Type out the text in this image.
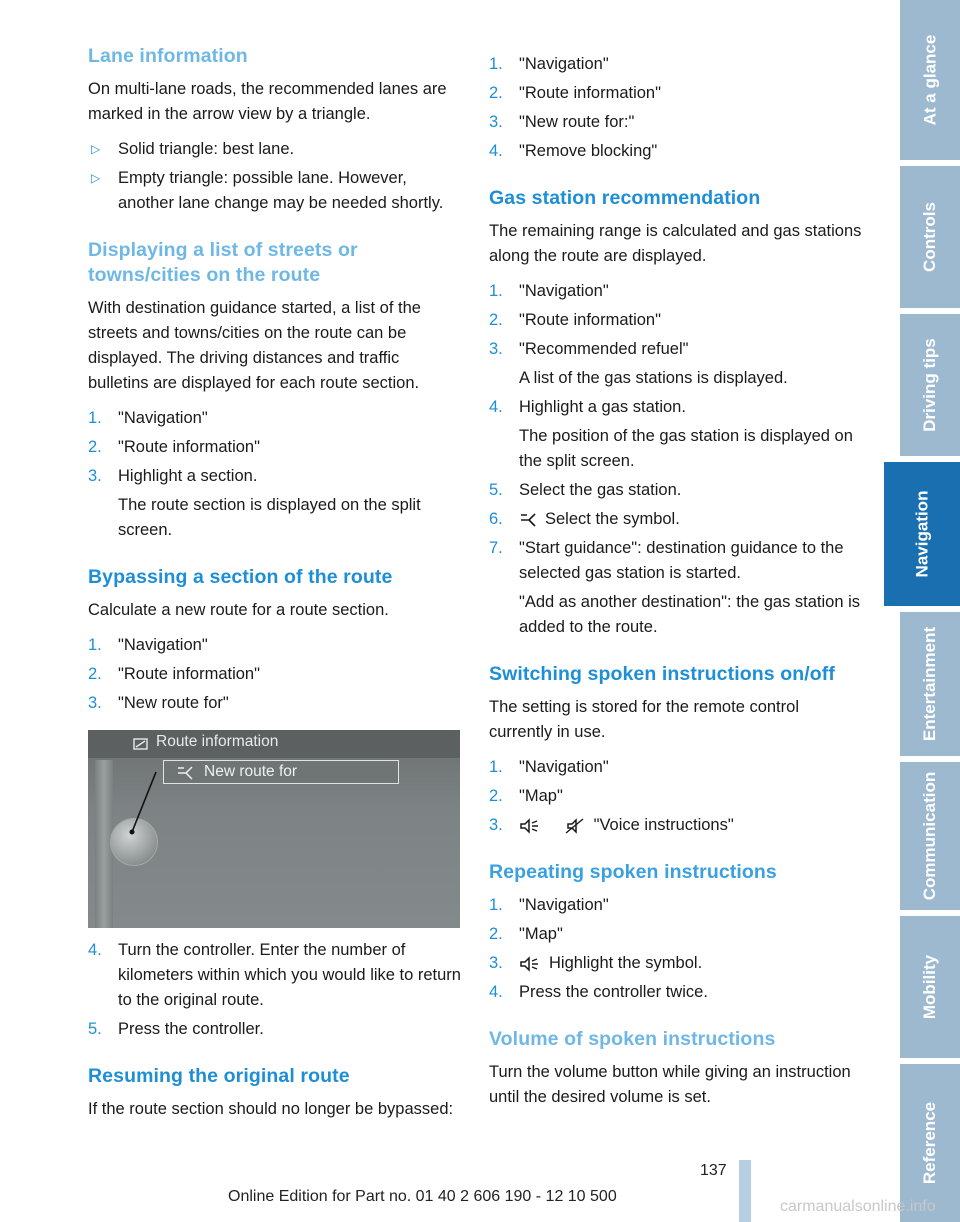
Lane information

On multi-lane roads, the recommended lanes are marked in the arrow view by a triangle.

▷ Solid triangle: best lane.
▷ Empty triangle: possible lane. However, another lane change may be needed shortly.
Displaying a list of streets or towns/cities on the route

With destination guidance started, a list of the streets and towns/cities on the route can be displayed. The driving distances and traffic bulletins are displayed for each route section.

1. "Navigation"
2. "Route information"
3. Highlight a section.
The route section is displayed on the split screen.
Bypassing a section of the route

Calculate a new route for a route section.

1. "Navigation"
2. "Route information"
3. "New route for"
Route information
New route for
4. Turn the controller. Enter the number of kilometers within which you would like to return to the original route.
5. Press the controller.
Resuming the original route

If the route section should no longer be bypassed:

1. "Navigation"
2. "Route information"
3. "New route for:"
4. "Remove blocking"
Gas station recommendation

The remaining range is calculated and gas stations along the route are displayed.

1. "Navigation"
2. "Route information"
3. "Recommended refuel"
A list of the gas stations is displayed.
4. Highlight a gas station.
The position of the gas station is displayed on the split screen.
5. Select the gas station.
6.	Select the symbol.
7. "Start guidance": destination guidance to the selected gas station is started.
"Add as another destination": the gas station is added to the route.
Switching spoken instructions on/off

The setting is stored for the remote control currently in use.

1. "Navigation"
2. "Map"
3.	"Voice instructions"
Repeating spoken instructions
1. "Navigation"
2. "Map"
3.	Highlight the symbol.
4. Press the controller twice.
Volume of spoken instructions

Turn the volume button while giving an instruction until the desired volume is set.

At a glance
Controls
Driving tips
Navigation
Entertainment
Communication
Mobility
Reference
137
Online Edition for Part no. 01 40 2 606 190 - 12 10 500
carmanualsonline.info
